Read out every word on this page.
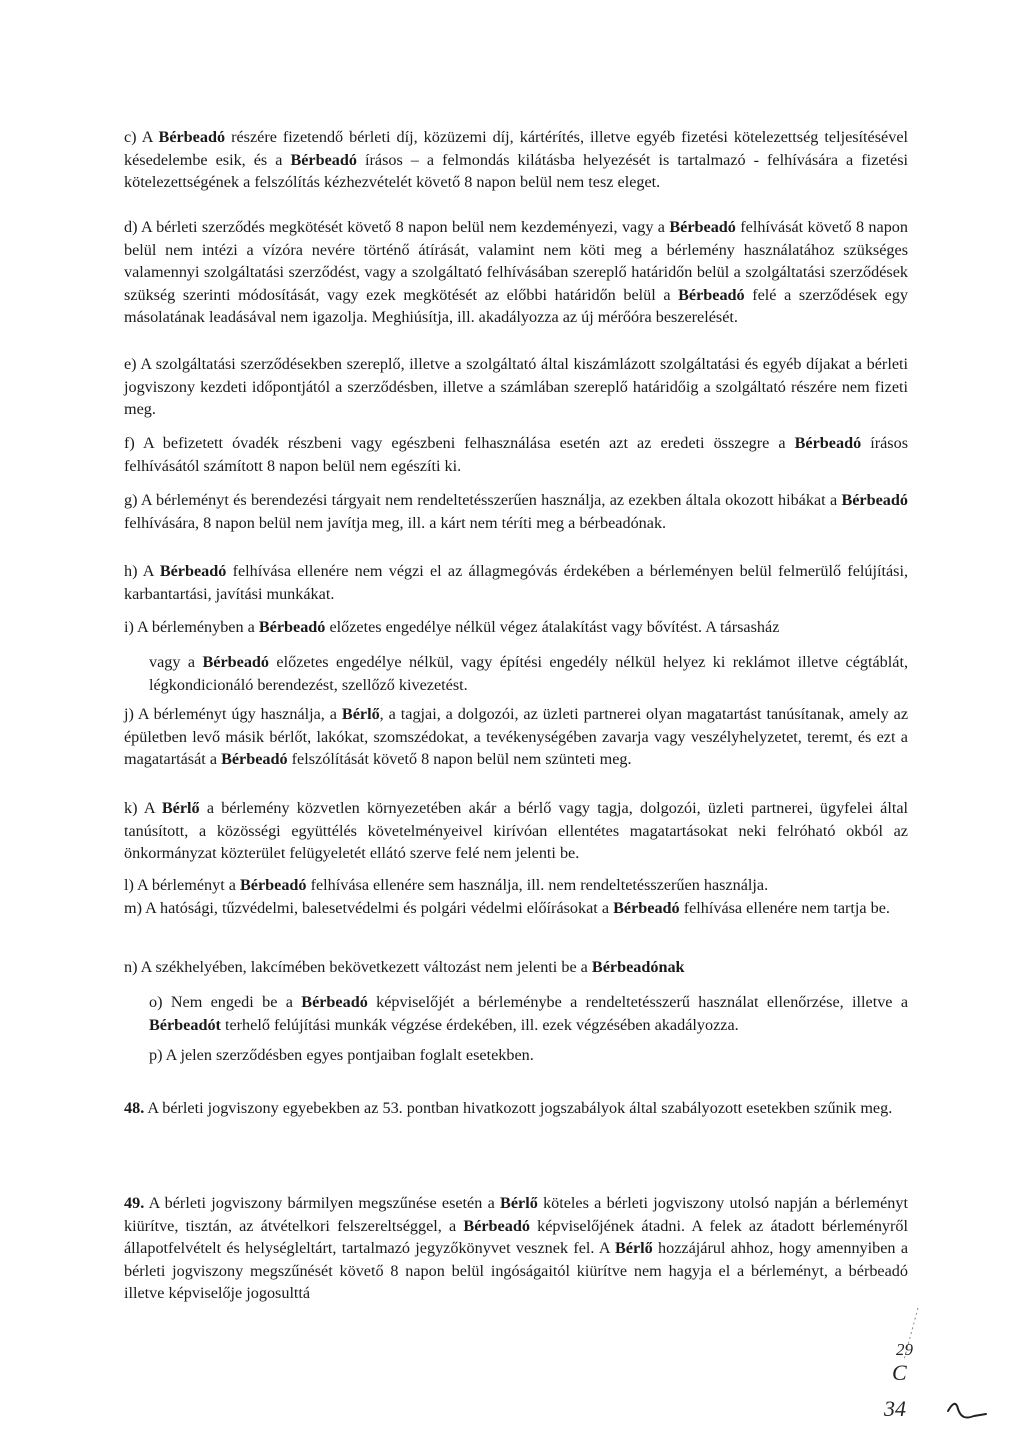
c) A Bérbeadó részére fizetendő bérleti díj, közüzemi díj, kártérítés, illetve egyéb fizetési kötelezettség teljesítésével késedelembe esik, és a Bérbeadó írásos – a felmondás kilátásba helyezését is tartalmazó - felhívására a fizetési kötelezettségének a felszólítás kézhezvételét követő 8 napon belül nem tesz eleget.

d) A bérleti szerződés megkötését követő 8 napon belül nem kezdeményezi, vagy a Bérbeadó felhívását követő 8 napon belül nem intézi a vízóra nevére történő átírását, valamint nem köti meg a bérlemény használatához szükséges valamennyi szolgáltatási szerződést, vagy a szolgáltató felhívásában szereplő határidőn belül a szolgáltatási szerződések szükség szerinti módosítását, vagy ezek megkötését az előbbi határidőn belül a Bérbeadó felé a szerződések egy másolatának leadásával nem igazolja. Meghiúsítja, ill. akadályozza az új mérőóra beszerelését.

e) A szolgáltatási szerződésekben szereplő, illetve a szolgáltató által kiszámlázott szolgáltatási és egyéb díjakat a bérleti jogviszony kezdeti időpontjától a szerződésben, illetve a számlában szereplő határidőig a szolgáltató részére nem fizeti meg.

f) A befizetett óvadék részbeni vagy egészbeni felhasználása esetén azt az eredeti összegre a Bérbeadó írásos felhívásától számított 8 napon belül nem egészíti ki.

g) A bérleményt és berendezési tárgyait nem rendeltetésszerűen használja, az ezekben általa okozott hibákat a Bérbeadó felhívására, 8 napon belül nem javítja meg, ill. a kárt nem téríti meg a bérbeadónak.

h) A Bérbeadó felhívása ellenére nem végzi el az állagmegóvás érdekében a bérleményen belül felmerülő felújítási, karbantartási, javítási munkákat.

i) A bérleményben a Bérbeadó előzetes engedélye nélkül végez átalakítást vagy bővítést. A társasház

vagy a Bérbeadó előzetes engedélye nélkül, vagy építési engedély nélkül helyez ki reklámot illetve cégtáblát, légkondicionáló berendezést, szellőző kivezetést.

j) A bérleményt úgy használja, a Bérlő, a tagjai, a dolgozói, az üzleti partnerei olyan magatartást tanúsítanak, amely az épületben levő másik bérlőt, lakókat, szomszédokat, a tevékenységében zavarja vagy veszélyhelyzetet, teremt, és ezt a magatartását a Bérbeadó felszólítását követő 8 napon belül nem szünteti meg.

k) A Bérlő a bérlemény közvetlen környezetében akár a bérlő vagy tagja, dolgozói, üzleti partnerei, ügyfelei által tanúsított, a közösségi együttélés követelményeivel kirívóan ellentétes magatartásokat neki felróható okból az önkormányzat közterület felügyeletét ellátó szerve felé nem jelenti be.

l) A bérleményt a Bérbeadó felhívása ellenére sem használja, ill. nem rendeltetésszerűen használja.

m) A hatósági, tűzvédelmi, balesetvédelmi és polgári védelmi előírásokat a Bérbeadó felhívása ellenére nem tartja be.

n) A székhelyében, lakcímében bekövetkezett változást nem jelenti be a Bérbeadónak

o) Nem engedi be a Bérbeadó képviselőjét a bérleménybe a rendeltetésszerű használat ellenőrzése, illetve a Bérbeadót terhelő felújítási munkák végzése érdekében, ill. ezek végzésében akadályozza.

p) A jelen szerződésben egyes pontjaiban foglalt esetekben.

48. A bérleti jogviszony egyebekben az 53. pontban hivatkozott jogszabályok által szabályozott esetekben szűnik meg.

49. A bérleti jogviszony bármilyen megszűnése esetén a Bérlő köteles a bérleti jogviszony utolsó napján a bérleményt kiürítve, tisztán, az átvételkori felszereltséggel, a Bérbeadó képviselőjének átadni. A felek az átadott bérleményről állapotfelvételt és helységleltárt, tartalmazó jegyzőkönyvet vesznek fel. A Bérlő hozzájárul ahhoz, hogy amennyiben a bérleti jogviszony megszűnését követő 8 napon belül ingóságaitól kiürítve nem hagyja el a bérleményt, a bérbeadó illetve képviselője jogosulttá

29
C
34
